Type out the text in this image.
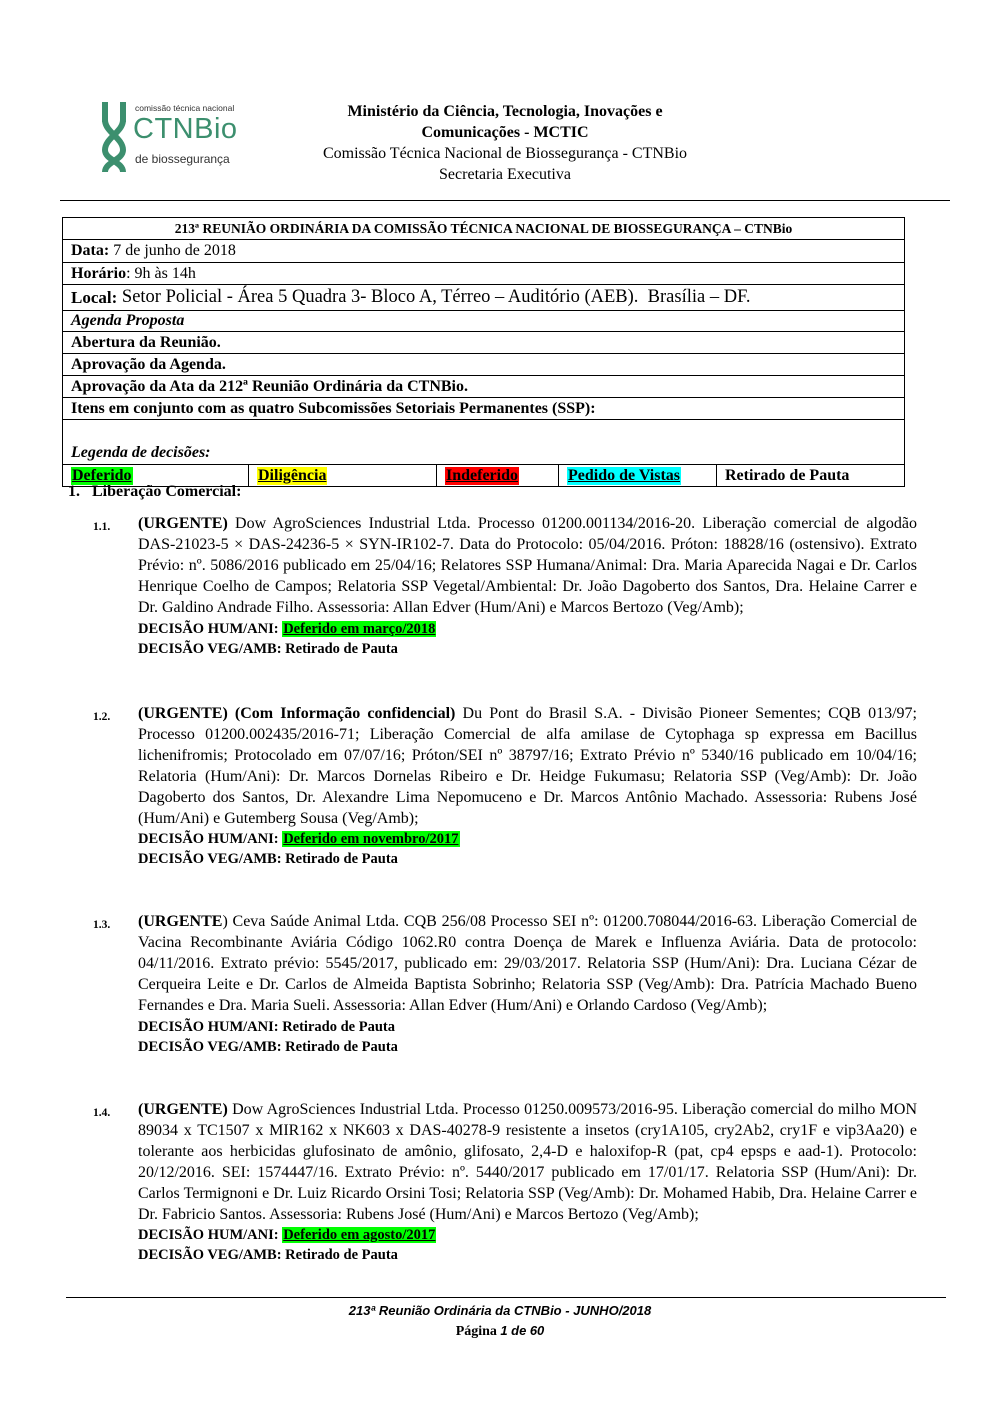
comissão técnica nacional
CTNBio
de biossegurança
Ministério da Ciência, Tecnologia, Inovações e
Comunicações - MCTIC
Comissão Técnica Nacional de Biossegurança - CTNBio
Secretaria Executiva
213ª REUNIÃO ORDINÁRIA DA COMISSÃO TÉCNICA NACIONAL DE BIOSSEGURANÇA – CTNBio
Data: 7 de junho de 2018
Horário : 9h às 14h
Local: Setor Policial - Área 5 Quadra 3- Bloco A, Térreo – Auditório (AEB).  Brasília – DF.
Agenda Proposta
Abertura da Reunião.
Aprovação da Agenda.
Aprovação da Ata da 212ª Reunião Ordinária da CTNBio.
Itens em conjunto com as quatro Subcomissões Setoriais Permanentes (SSP):
Legenda de decisões:
Deferido	Diligência	Indeferido	Pedido de Vistas	Retirado de Pauta
1.   Liberação Comercial:
1.1. (URGENTE) Dow AgroSciences Industrial Ltda. Processo 01200.001134/2016-20. Liberação comercial de algodão DAS-21023-5 × DAS-24236-5 × SYN-IR102-7. Data do Protocolo: 05/04/2016. Próton: 18828/16 (ostensivo). Extrato Prévio: nº. 5086/2016 publicado em 25/04/16; Relatores SSP Humana/Animal: Dra. Maria Aparecida Nagai e Dr. Carlos Henrique Coelho de Campos; Relatoria SSP Vegetal/Ambiental: Dr. João Dagoberto dos Santos, Dra. Helaine Carrer e Dr. Galdino Andrade Filho. Assessoria: Allan Edver (Hum/Ani) e Marcos Bertozo (Veg/Amb);
DECISÃO HUM/ANI: Deferido em março/2018
DECISÃO VEG/AMB: Retirado de Pauta
1.2. (URGENTE) (Com Informação confidencial) Du Pont do Brasil S.A. - Divisão Pioneer Sementes; CQB 013/97; Processo 01200.002435/2016-71; Liberação Comercial de alfa amilase de Cytophaga sp expressa em Bacillus lichenifromis; Protocolado em 07/07/16; Próton/SEI nº 38797/16; Extrato Prévio nº 5340/16 publicado em 10/04/16; Relatoria (Hum/Ani): Dr. Marcos Dornelas Ribeiro e Dr. Heidge Fukumasu; Relatoria SSP (Veg/Amb): Dr. João Dagoberto dos Santos, Dr. Alexandre Lima Nepomuceno e Dr. Marcos Antônio Machado. Assessoria: Rubens José (Hum/Ani) e Gutemberg Sousa (Veg/Amb);
DECISÃO HUM/ANI: Deferido em novembro/2017
DECISÃO VEG/AMB: Retirado de Pauta
1.3. (URGENTE) Ceva Saúde Animal Ltda. CQB 256/08 Processo SEI nº: 01200.708044/2016-63. Liberação Comercial de Vacina Recombinante Aviária Código 1062.R0 contra Doença de Marek e Influenza Aviária. Data de protocolo: 04/11/2016. Extrato prévio: 5545/2017, publicado em: 29/03/2017. Relatoria SSP (Hum/Ani): Dra. Luciana Cézar de Cerqueira Leite e Dr. Carlos de Almeida Baptista Sobrinho; Relatoria SSP (Veg/Amb): Dra. Patrícia Machado Bueno Fernandes e Dra. Maria Sueli. Assessoria: Allan Edver (Hum/Ani) e Orlando Cardoso (Veg/Amb);
DECISÃO HUM/ANI: Retirado de Pauta
DECISÃO VEG/AMB: Retirado de Pauta
1.4. (URGENTE) Dow AgroSciences Industrial Ltda. Processo 01250.009573/2016-95. Liberação comercial do milho MON 89034 x TC1507 x MIR162 x NK603 x DAS-40278-9 resistente a insetos (cry1A105, cry2Ab2, cry1F e vip3Aa20) e tolerante aos herbicidas glufosinato de amônio, glifosato, 2,4-D e haloxifop-R (pat, cp4 epsps e aad-1). Protocolo: 20/12/2016. SEI: 1574447/16. Extrato Prévio: nº. 5440/2017 publicado em 17/01/17. Relatoria SSP (Hum/Ani): Dr. Carlos Termignoni e Dr. Luiz Ricardo Orsini Tosi; Relatoria SSP (Veg/Amb): Dr. Mohamed Habib, Dra. Helaine Carrer e Dr. Fabricio Santos. Assessoria: Rubens José (Hum/Ani) e Marcos Bertozo (Veg/Amb);
DECISÃO HUM/ANI: Deferido em agosto/2017
DECISÃO VEG/AMB: Retirado de Pauta
213ª Reunião Ordinária da CTNBio - JUNHO/2018
Página 1 de 60
